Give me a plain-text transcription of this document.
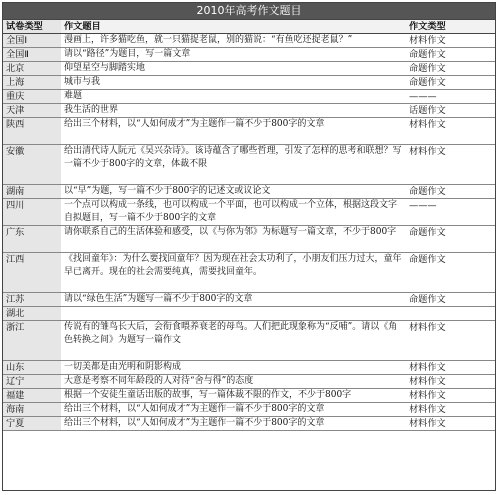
2010年高考作文题目
试卷类型	作文题目	作文类型
全国Ⅰ	漫画上，许多猫吃鱼，就一只猫捉老鼠，别的猫说：“有鱼吃还捉老鼠？”	材料作文
全国Ⅱ	请以“路径”为题目，写一篇文章	命题作文
北京	仰望星空与脚踏实地	命题作文
上海	城市与我	命题作文
重庆	难题	———
天津	我生活的世界	话题作文
陕西	给出三个材料，以“人如何成才”为主题作一篇不少于800字的文章	材料作文
安徽	给出清代诗人阮元《吴兴杂诗》。该诗蕴含了哪些哲理，引发了怎样的思考和联想？写一篇不少于800字的文章，体裁不限	材料作文
湖南	以“早”为题，写一篇不少于800字的记述文或议论文	命题作文
四川	一个点可以构成一条线，也可以构成一个平面，也可以构成一个立体，根据这段文字自拟题目，写一篇不少于800字的文章	———
广东	请你联系自己的生活体验和感受，以《与你为邻》为标题写一篇文章，不少于800字	命题作文
江西	《找回童年》：为什么要找回童年？因为现在社会太功利了，小朋友们压力过大，童年早已离开。现在的社会需要纯真，需要找回童年。	命题作文
江苏	请以“绿色生活”为题写一篇不少于800字的文章	命题作文
湖北		
浙江	传说有的雏鸟长大后，会衔食喂养衰老的母鸟。人们把此现象称为“反哺”。请以《角色转换之间》为题写一篇作文	材料作文
山东	一切美都是由光明和阴影构成	材料作文
辽宁	大意是考察不同年龄段的人对待“舍与得”的态度	材料作文
福建	根据一个安徒生童话出版的故事，写一篇体裁不限的作文，不少于800字	材料作文
海南	给出三个材料，以“人如何成才”为主题作一篇不少于800字的文章	材料作文
宁夏	给出三个材料，以“人如何成才”为主题作一篇不少于800字的文章	材料作文
